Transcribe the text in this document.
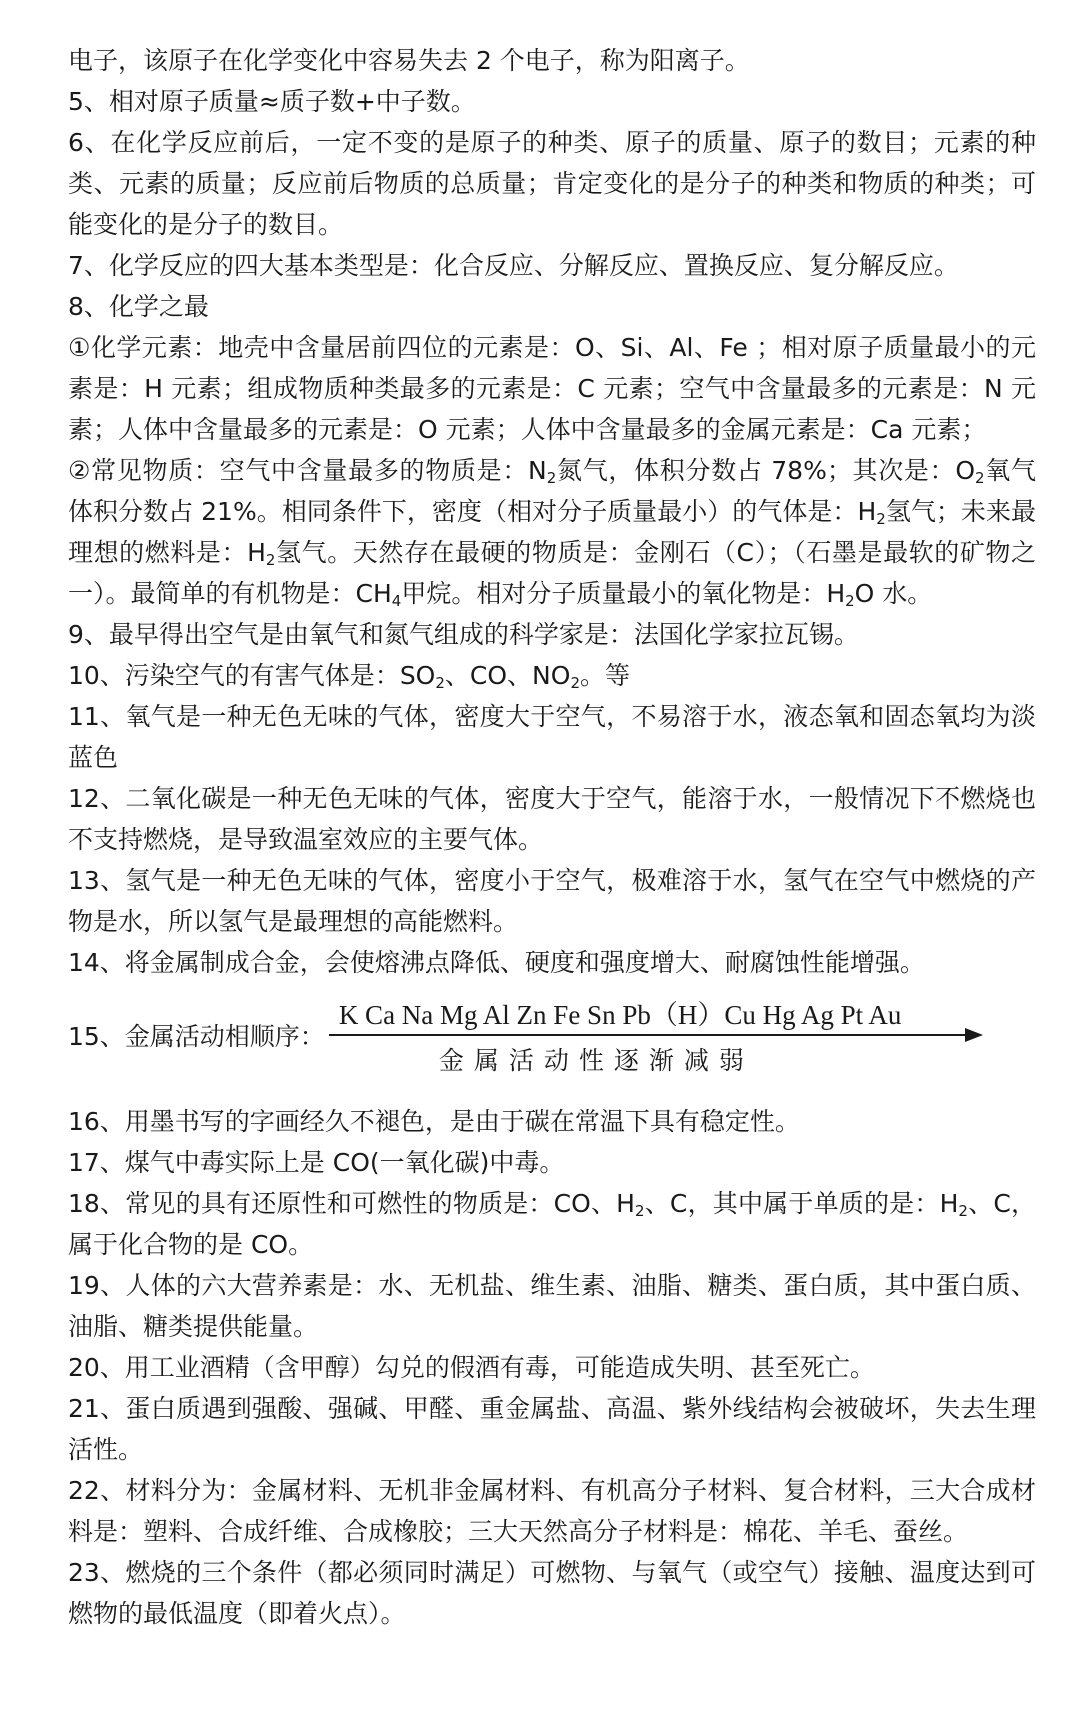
电子，该原子在化学变化中容易失去 2 个电子，称为阳离子。

5、相对原子质量≈质子数+中子数。

6、在化学反应前后，一定不变的是原子的种类、原子的质量、原子的数目；元素的种类、元素的质量；反应前后物质的总质量；肯定变化的是分子的种类和物质的种类；可能变化的是分子的数目。

7、化学反应的四大基本类型是：化合反应、分解反应、置换反应、复分解反应。

8、化学之最

①化学元素：地壳中含量居前四位的元素是：O、Si、Al、Fe ；相对原子质量最小的元素是：H 元素；组成物质种类最多的元素是：C 元素；空气中含量最多的元素是：N 元素；人体中含量最多的元素是：O 元素；人体中含量最多的金属元素是：Ca 元素；

②常见物质：空气中含量最多的物质是：$N_2$氮气，体积分数占 78%；其次是：$O_2$氧气体积分数占 21%。相同条件下，密度（相对分子质量最小）的气体是：$H_2$氢气；未来最理想的燃料是：$H_2$氢气。天然存在最硬的物质是：金刚石（C）；（石墨是最软的矿物之一）。最简单的有机物是：$CH_4$甲烷。相对分子质量最小的氧化物是：$H_2O$ 水。

9、最早得出空气是由氧气和氮气组成的科学家是：法国化学家拉瓦锡。

10、污染空气的有害气体是：$SO_2$、CO、$NO_2$。等

11、氧气是一种无色无味的气体，密度大于空气，不易溶于水，液态氧和固态氧均为淡蓝色

12、二氧化碳是一种无色无味的气体，密度大于空气，能溶于水，一般情况下不燃烧也不支持燃烧，是导致温室效应的主要气体。

13、氢气是一种无色无味的气体，密度小于空气，极难溶于水，氢气在空气中燃烧的产物是水，所以氢气是最理想的高能燃料。

14、将金属制成合金，会使熔沸点降低、硬度和强度增大、耐腐蚀性能增强。

15、金属活动相顺序：
K Ca Na Mg Al Zn Fe Sn Pb（H）Cu Hg Ag Pt Au
金属活动性逐渐减弱

16、用墨书写的字画经久不褪色，是由于碳在常温下具有稳定性。

17、煤气中毒实际上是 CO(一氧化碳)中毒。

18、常见的具有还原性和可燃性的物质是：CO、$H_2$、C，其中属于单质的是：$H_2$、C，属于化合物的是 CO。

19、人体的六大营养素是：水、无机盐、维生素、油脂、糖类、蛋白质，其中蛋白质、油脂、糖类提供能量。

20、用工业酒精（含甲醇）勾兑的假酒有毒，可能造成失明、甚至死亡。

21、蛋白质遇到强酸、强碱、甲醛、重金属盐、高温、紫外线结构会被破坏，失去生理活性。

22、材料分为：金属材料、无机非金属材料、有机高分子材料、复合材料，三大合成材料是：塑料、合成纤维、合成橡胶；三大天然高分子材料是：棉花、羊毛、蚕丝。

23、燃烧的三个条件（都必须同时满足）可燃物、与氧气（或空气）接触、温度达到可燃物的最低温度（即着火点）。
